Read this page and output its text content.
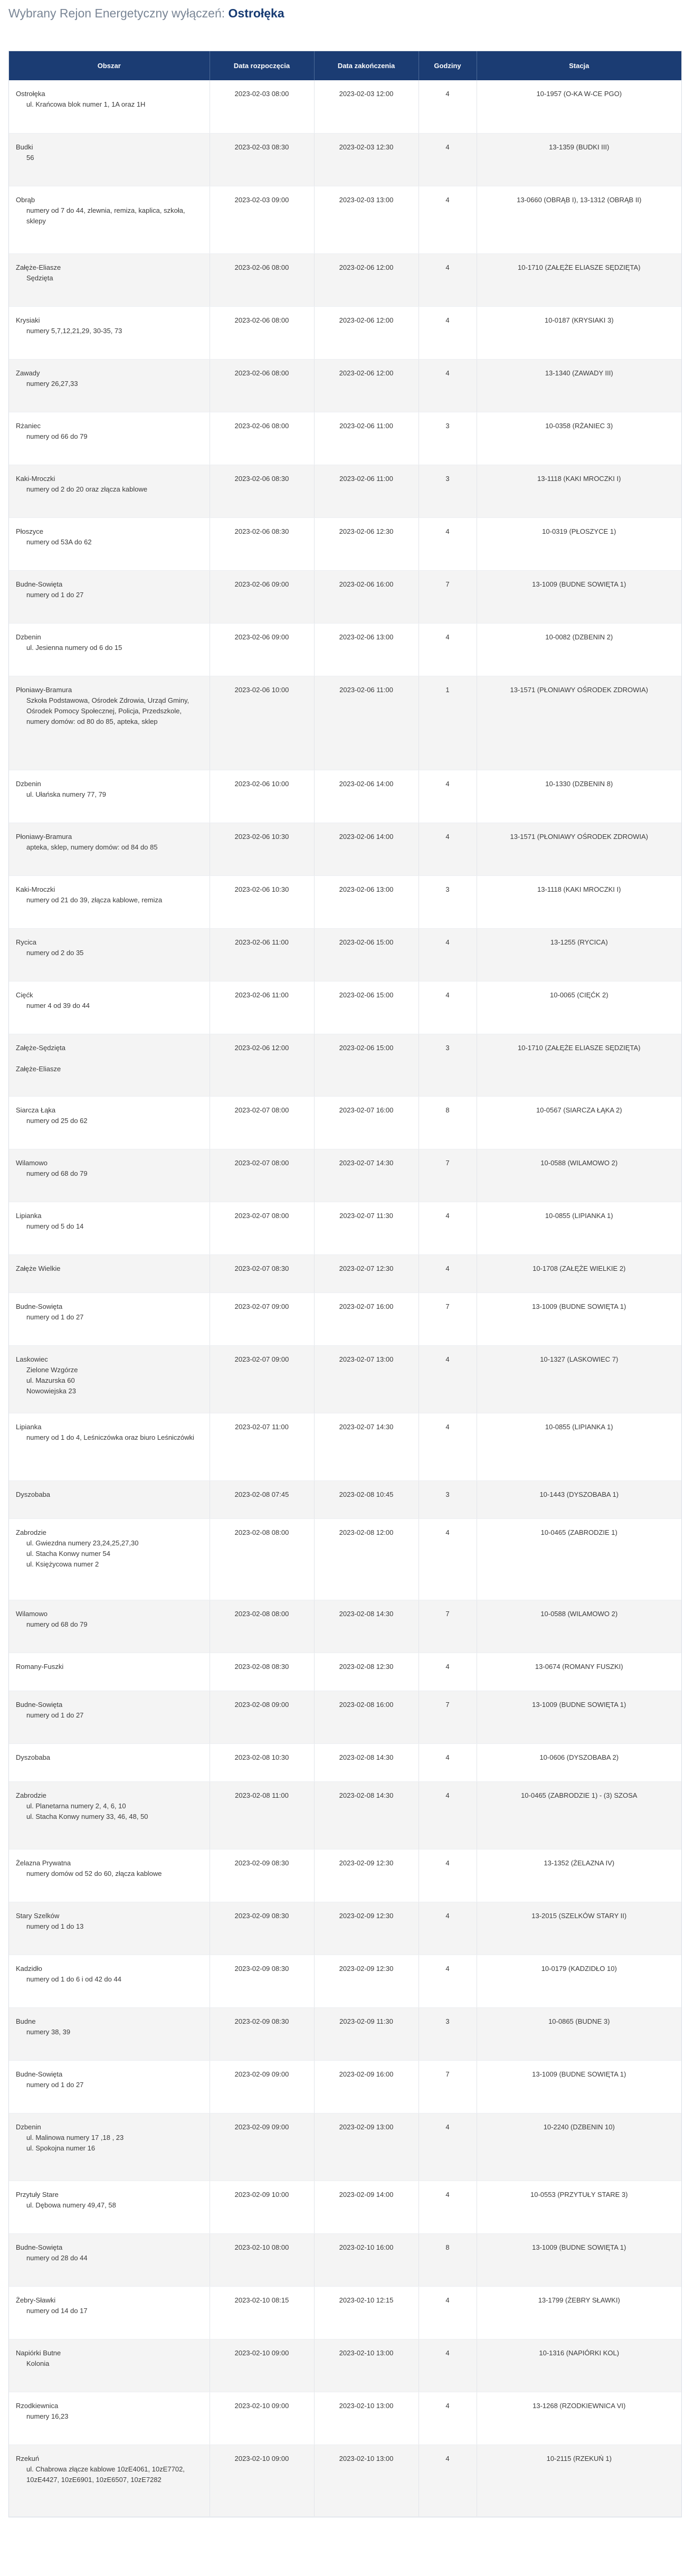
Wybrany Rejon Energetyczny wyłączeń: Ostrołęka
Obszar	Data rozpoczęcia	Data zakończenia	Godziny	Stacja

Ostrołęka
ul. Krańcowa blok numer 1, 1A oraz 1H	2023-02-03 08:00	2023-02-03 12:00	4	10-1957 (O-KA W-CE PGO)

Budki
56	2023-02-03 08:30	2023-02-03 12:30	4	13-1359 (BUDKI III)

Obrąb
numery od 7 do 44, zlewnia, remiza, kaplica, szkoła, sklepy	2023-02-03 09:00	2023-02-03 13:00	4	13-0660 (OBRĄB I), 13-1312 (OBRĄB II)

Załęże-Eliasze
Sędzięta	2023-02-06 08:00	2023-02-06 12:00	4	10-1710 (ZAŁĘŻE ELIASZE SĘDZIĘTA)

Krysiaki
numery 5,7,12,21,29, 30-35, 73	2023-02-06 08:00	2023-02-06 12:00	4	10-0187 (KRYSIAKI 3)

Zawady
numery 26,27,33	2023-02-06 08:00	2023-02-06 12:00	4	13-1340 (ZAWADY III)

Rżaniec
numery od 66 do 79	2023-02-06 08:00	2023-02-06 11:00	3	10-0358 (RŻANIEC 3)

Kaki-Mroczki
numery od 2 do 20 oraz złącza kablowe	2023-02-06 08:30	2023-02-06 11:00	3	13-1118 (KAKI MROCZKI I)

Płoszyce
numery od 53A do 62	2023-02-06 08:30	2023-02-06 12:30	4	10-0319 (PŁOSZYCE 1)

Budne-Sowięta
numery od 1 do 27	2023-02-06 09:00	2023-02-06 16:00	7	13-1009 (BUDNE SOWIĘTA 1)

Dzbenin
ul. Jesienna numery od 6 do 15	2023-02-06 09:00	2023-02-06 13:00	4	10-0082 (DZBENIN 2)

Płoniawy-Bramura
Szkoła Podstawowa, Ośrodek Zdrowia, Urząd Gminy, Ośrodek Pomocy Społecznej, Policja, Przedszkole, numery domów: od 80 do 85, apteka, sklep	2023-02-06 10:00	2023-02-06 11:00	1	13-1571 (PŁONIAWY OŚRODEK ZDROWIA)

Dzbenin
ul. Ułańska numery 77, 79	2023-02-06 10:00	2023-02-06 14:00	4	10-1330 (DZBENIN 8)

Płoniawy-Bramura
apteka, sklep, numery domów: od 84 do 85	2023-02-06 10:30	2023-02-06 14:00	4	13-1571 (PŁONIAWY OŚRODEK ZDROWIA)

Kaki-Mroczki
numery od 21 do 39, złącza kablowe, remiza	2023-02-06 10:30	2023-02-06 13:00	3	13-1118 (KAKI MROCZKI I)

Rycica
numery od 2 do 35	2023-02-06 11:00	2023-02-06 15:00	4	13-1255 (RYCICA)

Cięćk
numer 4 od 39 do 44	2023-02-06 11:00	2023-02-06 15:00	4	10-0065 (CIĘĆK 2)

Załęże-Sędzięta
Załęże-Eliasze	2023-02-06 12:00	2023-02-06 15:00	3	10-1710 (ZAŁĘŻE ELIASZE SĘDZIĘTA)

Siarcza Łąka
numery od 25 do 62	2023-02-07 08:00	2023-02-07 16:00	8	10-0567 (SIARCZA ŁĄKA 2)

Wilamowo
numery od 68 do 79	2023-02-07 08:00	2023-02-07 14:30	7	10-0588 (WILAMOWO 2)

Lipianka
numery od 5 do 14	2023-02-07 08:00	2023-02-07 11:30	4	10-0855 (LIPIANKA 1)

Załęże Wielkie	2023-02-07 08:30	2023-02-07 12:30	4	10-1708 (ZAŁĘŻE WIELKIE 2)

Budne-Sowięta
numery od 1 do 27	2023-02-07 09:00	2023-02-07 16:00	7	13-1009 (BUDNE SOWIĘTA 1)

Laskowiec
Zielone Wzgórze
ul. Mazurska 60
Nowowiejska 23	2023-02-07 09:00	2023-02-07 13:00	4	10-1327 (LASKOWIEC 7)

Lipianka
numery od 1 do 4, Leśniczówka oraz biuro Leśniczówki	2023-02-07 11:00	2023-02-07 14:30	4	10-0855 (LIPIANKA 1)

Dyszobaba	2023-02-08 07:45	2023-02-08 10:45	3	10-1443 (DYSZOBABA 1)

Zabrodzie
ul. Gwiezdna numery 23,24,25,27,30
ul. Stacha Konwy numer 54
ul. Księżycowa numer 2	2023-02-08 08:00	2023-02-08 12:00	4	10-0465 (ZABRODZIE 1)

Wilamowo
numery od 68 do 79	2023-02-08 08:00	2023-02-08 14:30	7	10-0588 (WILAMOWO 2)

Romany-Fuszki	2023-02-08 08:30	2023-02-08 12:30	4	13-0674 (ROMANY FUSZKI)

Budne-Sowięta
numery od 1 do 27	2023-02-08 09:00	2023-02-08 16:00	7	13-1009 (BUDNE SOWIĘTA 1)

Dyszobaba	2023-02-08 10:30	2023-02-08 14:30	4	10-0606 (DYSZOBABA 2)

Zabrodzie
ul. Planetarna numery 2, 4, 6, 10
ul. Stacha Konwy numery 33, 46, 48, 50	2023-02-08 11:00	2023-02-08 14:30	4	10-0465 (ZABRODZIE 1) - (3) SZOSA

Żelazna Prywatna
numery domów od 52 do 60, złącza kablowe	2023-02-09 08:30	2023-02-09 12:30	4	13-1352 (ŻELAZNA IV)

Stary Szelków
numery od 1 do 13	2023-02-09 08:30	2023-02-09 12:30	4	13-2015 (SZELKÓW STARY II)

Kadzidło
numery od 1 do 6 i od 42 do 44	2023-02-09 08:30	2023-02-09 12:30	4	10-0179 (KADZIDŁO 10)

Budne
numery 38, 39	2023-02-09 08:30	2023-02-09 11:30	3	10-0865 (BUDNE 3)

Budne-Sowięta
numery od 1 do 27	2023-02-09 09:00	2023-02-09 16:00	7	13-1009 (BUDNE SOWIĘTA 1)

Dzbenin
ul. Malinowa numery 17 ,18 , 23
ul. Spokojna numer 16	2023-02-09 09:00	2023-02-09 13:00	4	10-2240 (DZBENIN 10)

Przytuły Stare
ul. Dębowa numery 49,47, 58	2023-02-09 10:00	2023-02-09 14:00	4	10-0553 (PRZYTUŁY STARE 3)

Budne-Sowięta
numery od 28 do 44	2023-02-10 08:00	2023-02-10 16:00	8	13-1009 (BUDNE SOWIĘTA 1)

Żebry-Sławki
numery od 14 do 17	2023-02-10 08:15	2023-02-10 12:15	4	13-1799 (ŻEBRY SŁAWKI)

Napiórki Butne
Kolonia	2023-02-10 09:00	2023-02-10 13:00	4	10-1316 (NAPIÓRKI KOL)

Rzodkiewnica
numery 16,23	2023-02-10 09:00	2023-02-10 13:00	4	13-1268 (RZODKIEWNICA VI)

Rzekuń
ul. Chabrowa złącze kablowe 10zE4061, 10zE7702, 10zE4427, 10zE6901, 10zE6507, 10zE7282	2023-02-10 09:00	2023-02-10 13:00	4	10-2115 (RZEKUŃ 1)
